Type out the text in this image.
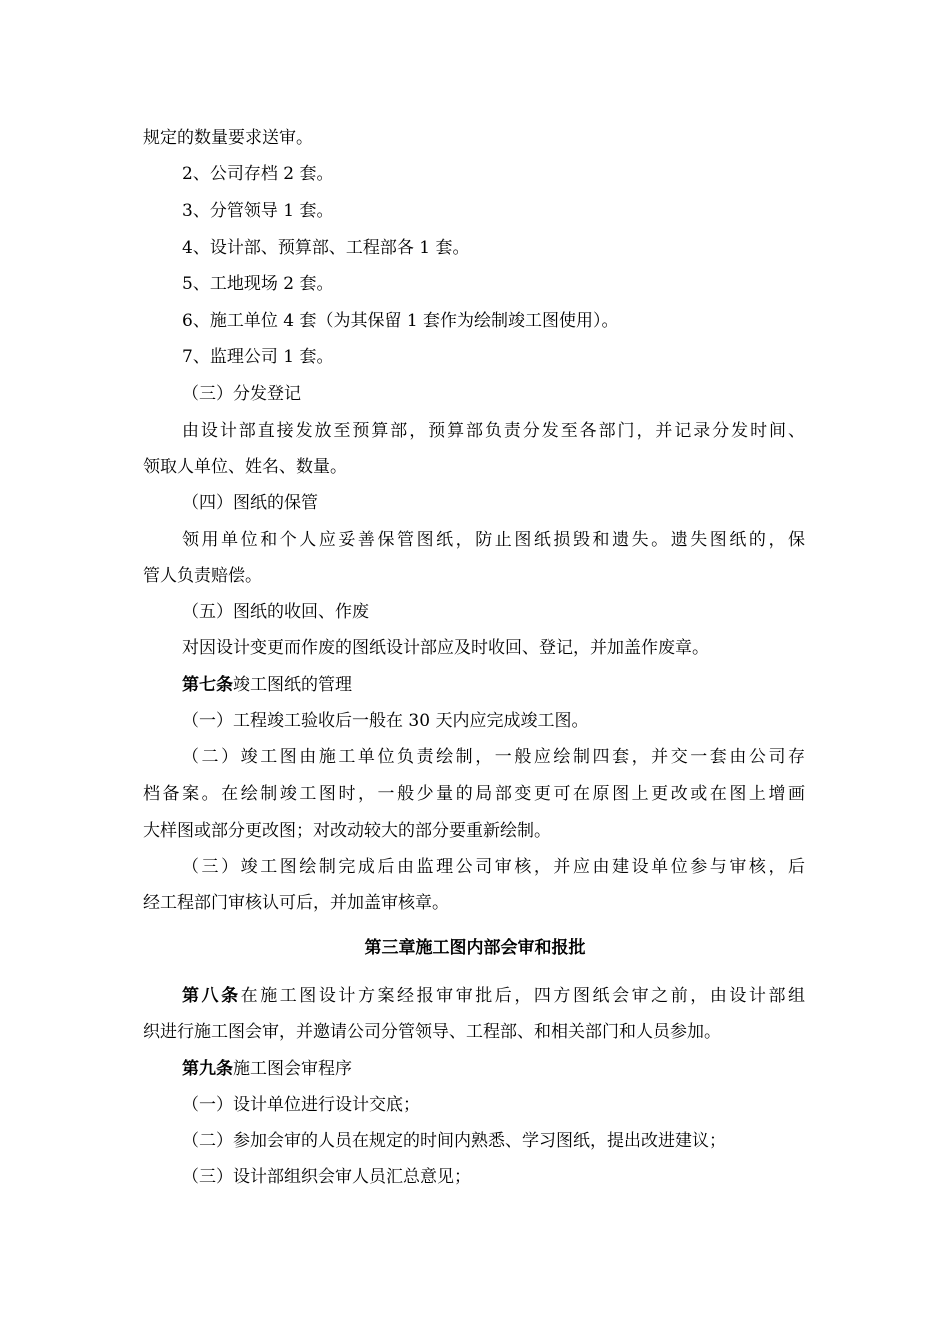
规定的数量要求送审。
2、公司存档 2 套。
3、分管领导 1 套。
4、设计部、预算部、工程部各 1 套。
5、工地现场 2 套。
6、施工单位 4 套（为其保留 1 套作为绘制竣工图使用）。
7、监理公司 1 套。
（三）分发登记
由设计部直接发放至预算部，预算部负责分发至各部门，并记录分发时间、
领取人单位、姓名、数量。
（四）图纸的保管
领用单位和个人应妥善保管图纸，防止图纸损毁和遗失。遗失图纸的，保
管人负责赔偿。
（五）图纸的收回、作废
对因设计变更而作废的图纸设计部应及时收回、登记，并加盖作废章。
第七条竣工图纸的管理
（一）工程竣工验收后一般在 30 天内应完成竣工图。
（二）竣工图由施工单位负责绘制，一般应绘制四套，并交一套由公司存
档备案。在绘制竣工图时，一般少量的局部变更可在原图上更改或在图上增画
大样图或部分更改图；对改动较大的部分要重新绘制。
（三）竣工图绘制完成后由监理公司审核，并应由建设单位参与审核，后
经工程部门审核认可后，并加盖审核章。
第三章施工图内部会审和报批
第八条在施工图设计方案经报审审批后，四方图纸会审之前，由设计部组
织进行施工图会审，并邀请公司分管领导、工程部、和相关部门和人员参加。
第九条施工图会审程序
（一）设计单位进行设计交底；
（二）参加会审的人员在规定的时间内熟悉、学习图纸，提出改进建议；
（三）设计部组织会审人员汇总意见；
